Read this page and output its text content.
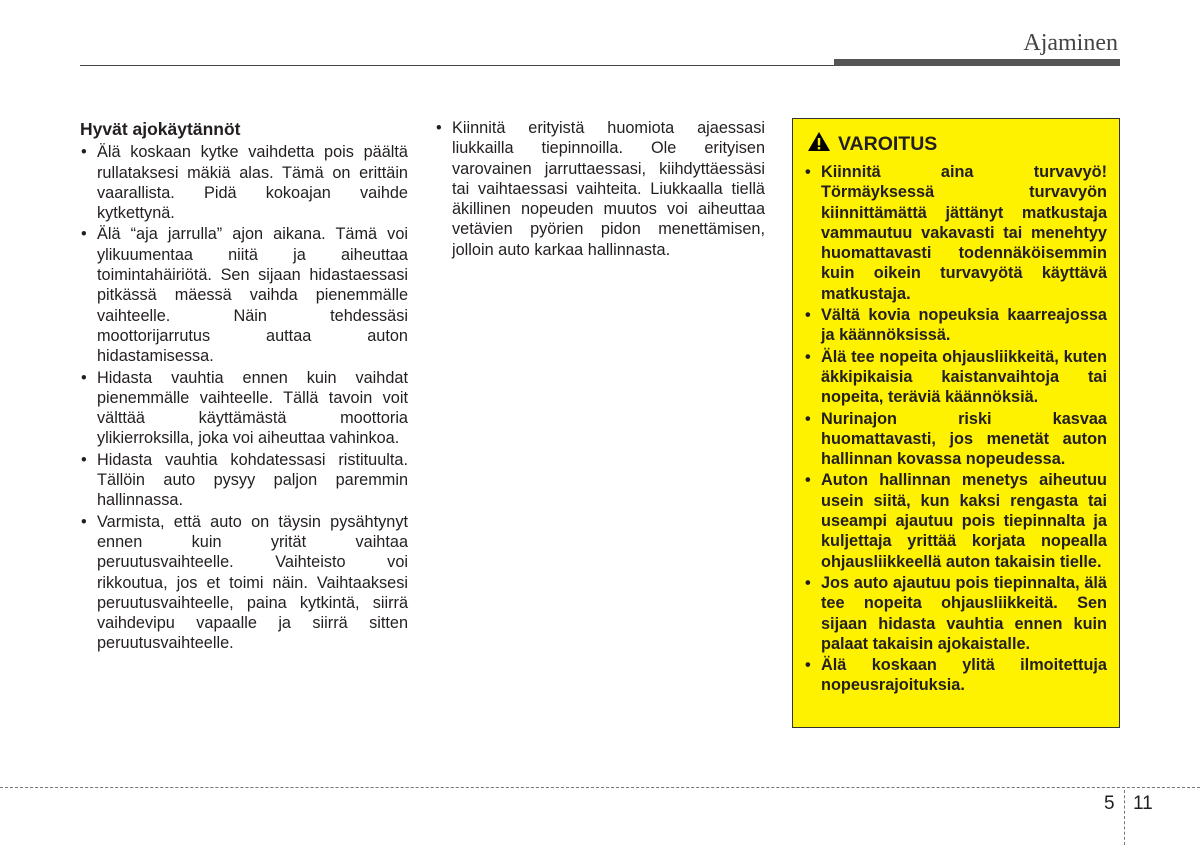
Ajaminen
Hyvät ajokäytännöt
• Älä koskaan kytke vaihdetta pois päältä rullataksesi mäkiä alas. Tämä on erittäin vaarallista. Pidä kokoajan vaihde kytkettynä.
• Älä “aja jarrulla” ajon aikana. Tämä voi ylikuumentaa niitä ja aiheuttaa toimintahäiriötä. Sen sijaan hidastaessasi pitkässä mäessä vaihda pienemmälle vaihteelle. Näin tehdessäsi moottorijarrutus auttaa auton hidastamisessa.
• Hidasta vauhtia ennen kuin vaihdat pienemmälle vaihteelle. Tällä tavoin voit välttää käyttämästä moottoria ylikierroksilla, joka voi aiheuttaa vahinkoa.
• Hidasta vauhtia kohdatessasi ristituulta. Tällöin auto pysyy paljon paremmin hallinnassa.
• Varmista, että auto on täysin pysähtynyt ennen kuin yrität vaihtaa peruutusvaihteelle. Vaihteisto voi rikkoutua, jos et toimi näin. Vaihtaaksesi peruutusvaihteelle, paina kytkintä, siirrä vaihdevipu vapaalle ja siirrä sitten peruutusvaihteelle.
• Kiinnitä erityistä huomiota ajaessasi liukkailla tiepinnoilla. Ole erityisen varovainen jarruttaessasi, kiihdyttäessäsi tai vaihtaessasi vaihteita. Liukkaalla tiellä äkillinen nopeuden muutos voi aiheuttaa vetävien pyörien pidon menettämisen, jolloin auto karkaa hallinnasta.
VAROITUS
• Kiinnitä aina turvavyö! Törmäyksessä turvavyön kiinnittämättä jättänyt matkustaja vammautuu vakavasti tai menehtyy huomattavasti todennäköisemmin kuin oikein turvavyötä käyttävä matkustaja.
• Vältä kovia nopeuksia kaarreajossa ja käännöksissä.
• Älä tee nopeita ohjausliikkeitä, kuten äkkipikaisia kaistanvaihtoja tai nopeita, teräviä käännöksiä.
• Nurinajon riski kasvaa huomattavasti, jos menetät auton hallinnan kovassa nopeudessa.
• Auton hallinnan menetys aiheutuu usein siitä, kun kaksi rengasta tai useampi ajautuu pois tiepinnalta ja kuljettaja yrittää korjata nopealla ohjausliikkeellä auton takaisin tielle.
• Jos auto ajautuu pois tiepinnalta, älä tee nopeita ohjausliikkeitä. Sen sijaan hidasta vauhtia ennen kuin palaat takaisin ajokaistalle.
• Älä koskaan ylitä ilmoitettuja nopeusrajoituksia.
5 11
